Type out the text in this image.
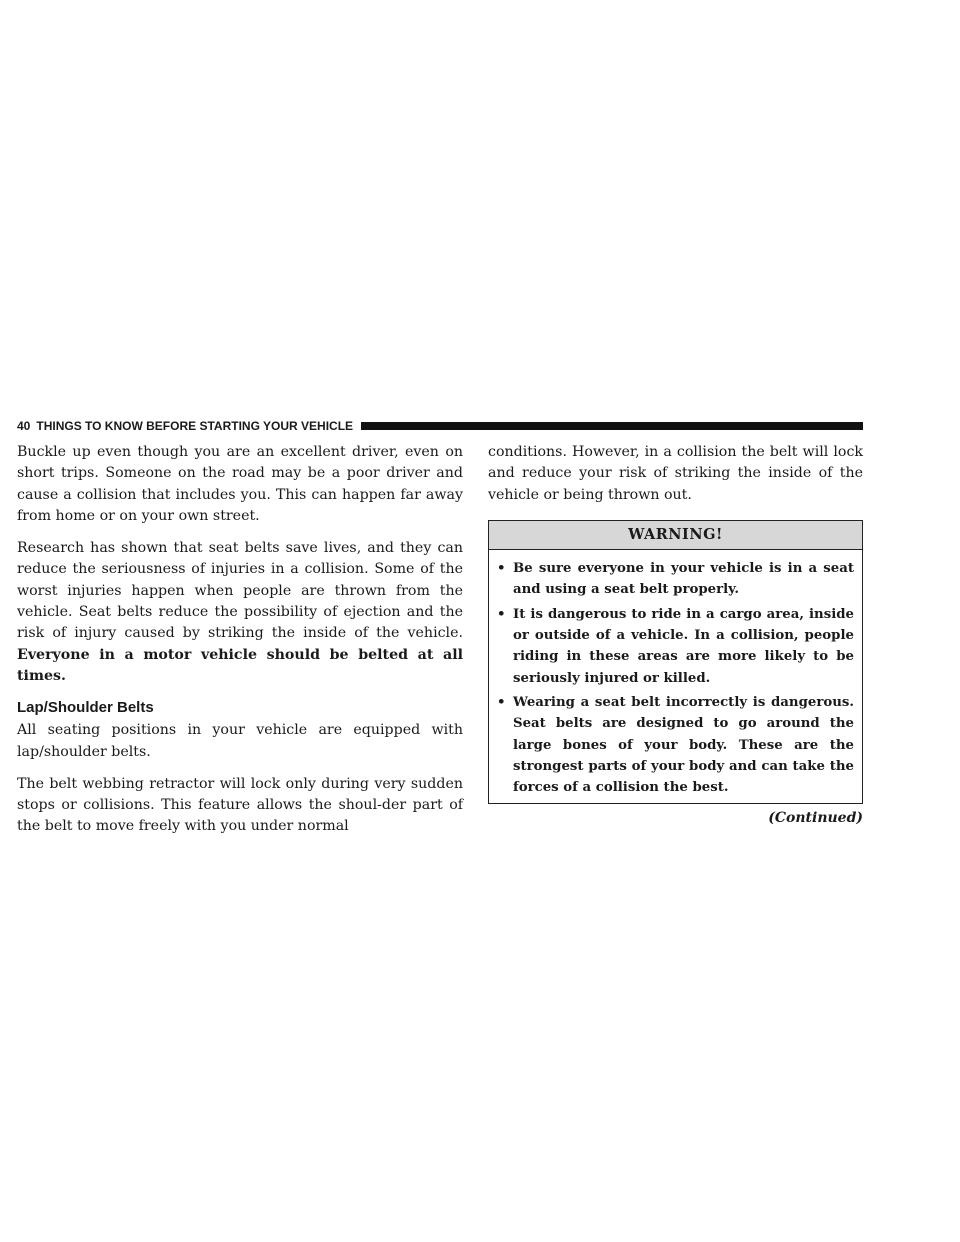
40 THINGS TO KNOW BEFORE STARTING YOUR VEHICLE

Buckle up even though you are an excellent driver, even on short trips. Someone on the road may be a poor driver and cause a collision that includes you. This can happen far away from home or on your own street.

Research has shown that seat belts save lives, and they can reduce the seriousness of injuries in a collision. Some of the worst injuries happen when people are thrown from the vehicle. Seat belts reduce the possibility of ejection and the risk of injury caused by striking the inside of the vehicle. Everyone in a motor vehicle should be belted at all times.

Lap/Shoulder Belts

All seating positions in your vehicle are equipped with lap/shoulder belts.

The belt webbing retractor will lock only during very sudden stops or collisions. This feature allows the shoul-der part of the belt to move freely with you under normal

conditions. However, in a collision the belt will lock and reduce your risk of striking the inside of the vehicle or being thrown out.

WARNING!
• Be sure everyone in your vehicle is in a seat and using a seat belt properly.
• It is dangerous to ride in a cargo area, inside or outside of a vehicle. In a collision, people riding in these areas are more likely to be seriously injured or killed.
• Wearing a seat belt incorrectly is dangerous. Seat belts are designed to go around the large bones of your body. These are the strongest parts of your body and can take the forces of a collision the best.
(Continued)
